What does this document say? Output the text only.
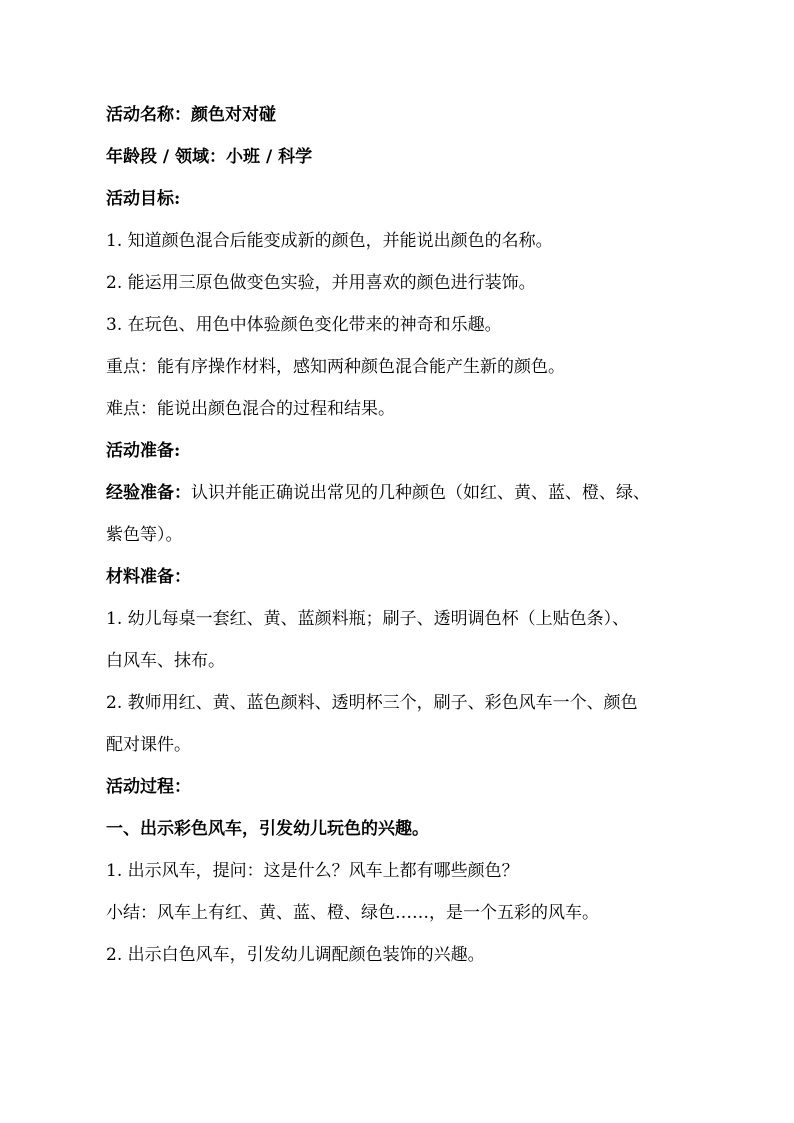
活动名称：颜色对对碰
年龄段 / 领域：小班 / 科学
活动目标:
1. 知道颜色混合后能变成新的颜色，并能说出颜色的名称。
2. 能运用三原色做变色实验，并用喜欢的颜色进行装饰。
3. 在玩色、用色中体验颜色变化带来的神奇和乐趣。
重点：能有序操作材料，感知两种颜色混合能产生新的颜色。
难点：能说出颜色混合的过程和结果。
活动准备:
经验准备：认识并能正确说出常见的几种颜色（如红、黄、蓝、橙、绿、
紫色等）。
材料准备：
1. 幼儿每桌一套红、黄、蓝颜料瓶；刷子、透明调色杯（上贴色条）、
白风车、抹布。
2. 教师用红、黄、蓝色颜料、透明杯三个，刷子、彩色风车一个、颜色
配对课件。
活动过程：
一、出示彩色风车，引发幼儿玩色的兴趣。
1. 出示风车，提问：这是什么？风车上都有哪些颜色？
小结：风车上有红、黄、蓝、橙、绿色……，是一个五彩的风车。
2. 出示白色风车，引发幼儿调配颜色装饰的兴趣。
